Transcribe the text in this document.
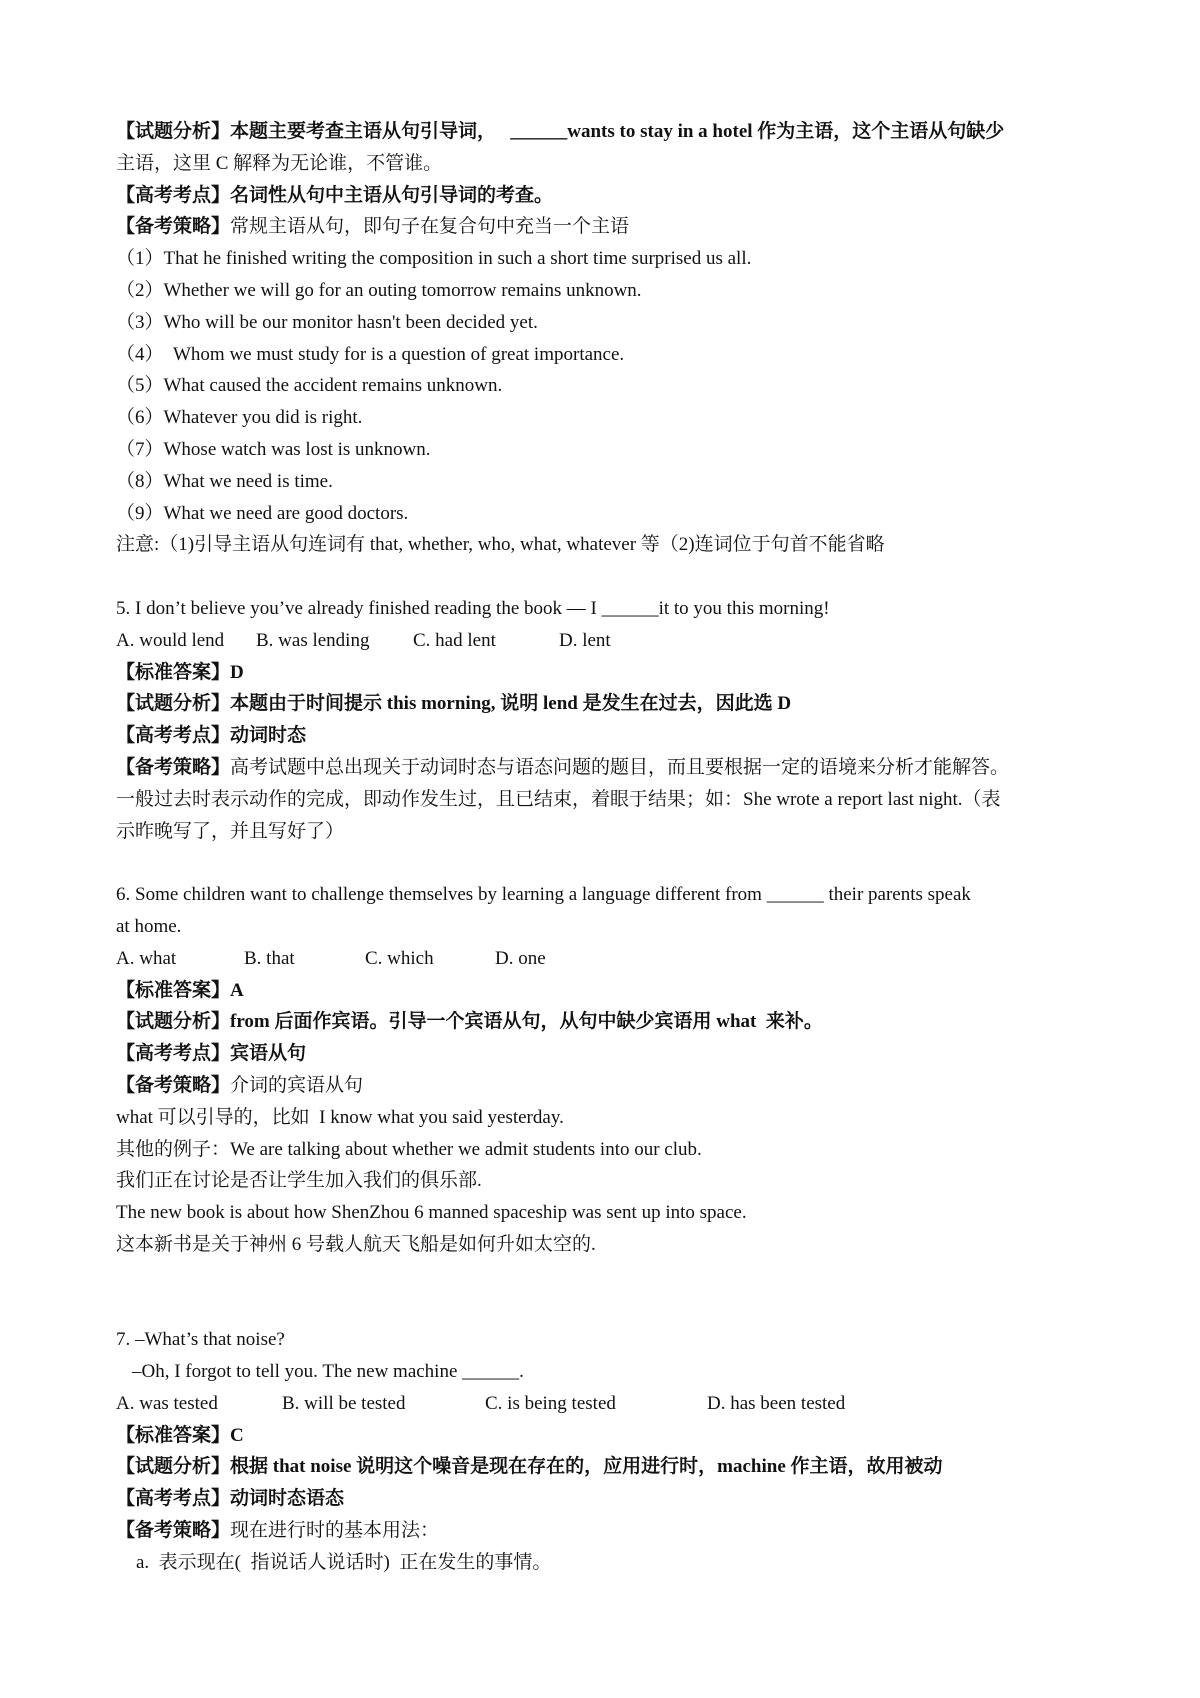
【试题分析】本题主要考查主语从句引导词，   ______wants to stay in a hotel 作为主语，这个主语从句缺少

主语，这里 C 解释为无论谁，不管谁。

【高考考点】名词性从句中主语从句引导词的考查。

【备考策略】常规主语从句，即句子在复合句中充当一个主语

（1）That he finished writing the composition in such a short time surprised us all.

（2）Whether we will go for an outing tomorrow remains unknown.

（3）Who will be our monitor hasn't been decided yet.

（4）  Whom we must study for is a question of great importance.

（5）What caused the accident remains unknown.

（6）Whatever you did is right.

（7）Whose watch was lost is unknown.

（8）What we need is time.

（9）What we need are good doctors.

注意:（1)引导主语从句连词有 that, whether, who, what, whatever 等（2)连词位于句首不能省略

5. I don’t believe you’ve already finished reading the book — I ______it to you this morning!

A. would lend	B. was lending	C. had lent	D. lent

【标准答案】D

【试题分析】本题由于时间提示 this morning, 说明 lend 是发生在过去，因此选 D

【高考考点】动词时态

【备考策略】高考试题中总出现关于动词时态与语态问题的题目，而且要根据一定的语境来分析才能解答。

一般过去时表示动作的完成，即动作发生过，且已结束，着眼于结果；如：She wrote a report last night.（表

示昨晚写了，并且写好了）

6. Some children want to challenge themselves by learning a language different from ______ their parents speak

at home.

A. what	B. that	C. which	D. one

【标准答案】A

【试题分析】from 后面作宾语。引导一个宾语从句，从句中缺少宾语用 what  来补。

【高考考点】宾语从句

【备考策略】介词的宾语从句

what 可以引导的，比如  I know what you said yesterday.

其他的例子：We are talking about whether we admit students into our club.

我们正在讨论是否让学生加入我们的俱乐部.

The new book is about how ShenZhou 6 manned spaceship was sent up into space.

这本新书是关于神州 6 号载人航天飞船是如何升如太空的.

7. –What’s that noise?

–Oh, I forgot to tell you. The new machine ______.

A. was tested	B. will be tested	C. is being tested	D. has been tested

【标准答案】C

【试题分析】根据 that noise 说明这个噪音是现在存在的，应用进行时，machine 作主语，故用被动

【高考考点】动词时态语态

【备考策略】现在进行时的基本用法：

a.  表示现在(  指说话人说话时)  正在发生的事情。
